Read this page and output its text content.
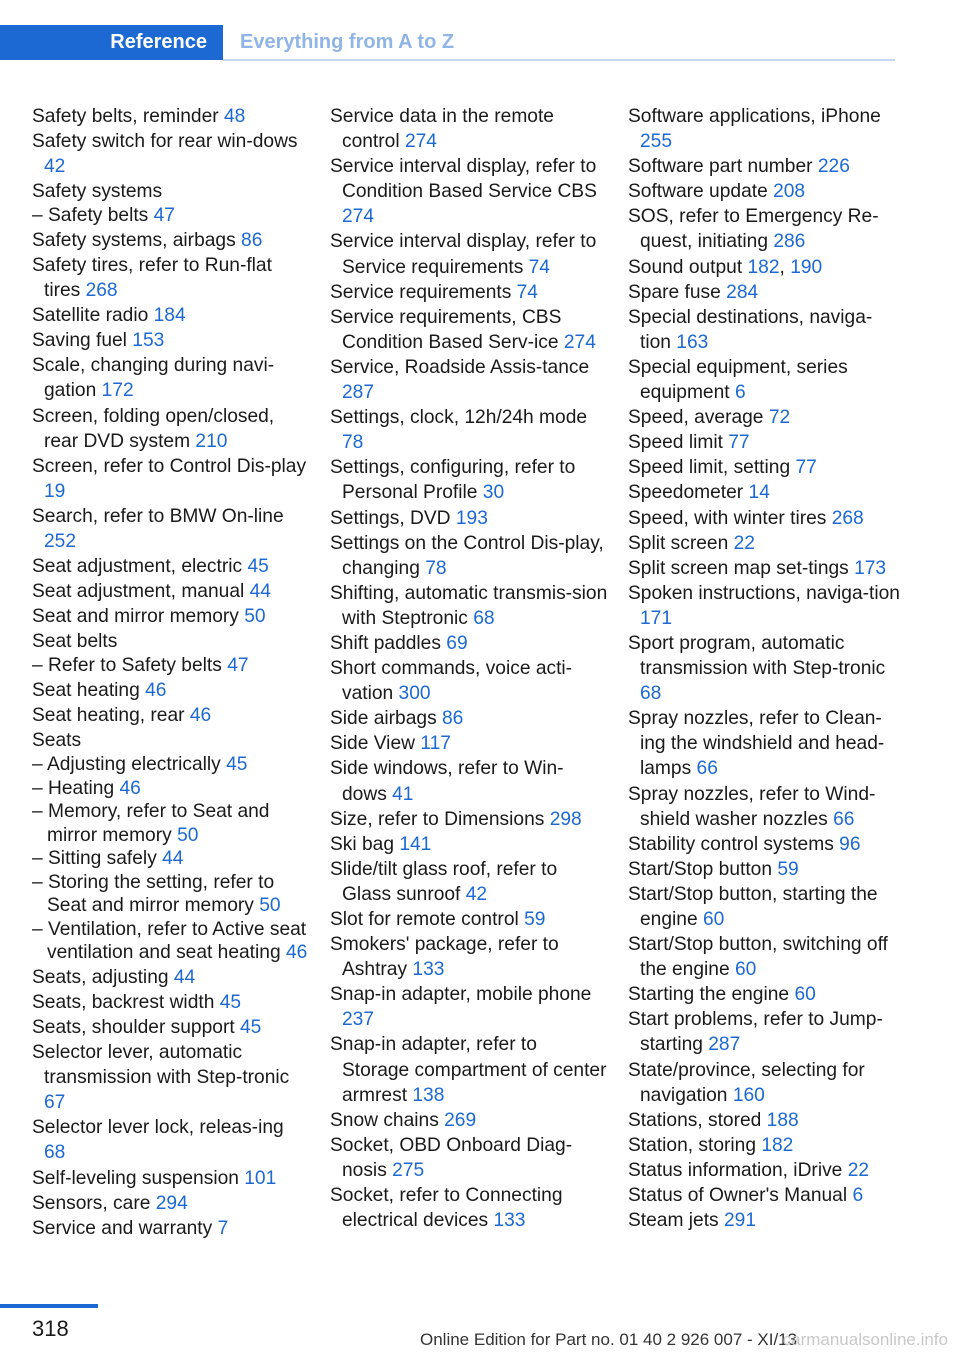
Reference	Everything from A to Z
Safety belts, reminder 48
Safety switch for rear win-dows 42
Safety systems
– Safety belts 47
Safety systems, airbags 86
Safety tires, refer to Run-flat tires 268
Satellite radio 184
Saving fuel 153
Scale, changing during navi-gation 172
Screen, folding open/closed, rear DVD system 210
Screen, refer to Control Dis-play 19
Search, refer to BMW On-line 252
Seat adjustment, electric 45
Seat adjustment, manual 44
Seat and mirror memory 50
Seat belts
– Refer to Safety belts 47
Seat heating 46
Seat heating, rear 46
Seats
– Adjusting electrically 45
– Heating 46
– Memory, refer to Seat and mirror memory 50
– Sitting safely 44
– Storing the setting, refer to Seat and mirror memory 50
– Ventilation, refer to Active seat ventilation and seat heating 46
Seats, adjusting 44
Seats, backrest width 45
Seats, shoulder support 45
Selector lever, automatic transmission with Step-tronic 67
Selector lever lock, releas-ing 68
Self-leveling suspension 101
Sensors, care 294
Service and warranty 7
Service data in the remote control 274
Service interval display, refer to Condition Based Service CBS 274
Service interval display, refer to Service requirements 74
Service requirements 74
Service requirements, CBS Condition Based Serv-ice 274
Service, Roadside Assis-tance 287
Settings, clock, 12h/24h mode 78
Settings, configuring, refer to Personal Profile 30
Settings, DVD 193
Settings on the Control Dis-play, changing 78
Shifting, automatic transmis-sion with Steptronic 68
Shift paddles 69
Short commands, voice acti-vation 300
Side airbags 86
Side View 117
Side windows, refer to Win-dows 41
Size, refer to Dimensions 298
Ski bag 141
Slide/tilt glass roof, refer to Glass sunroof 42
Slot for remote control 59
Smokers' package, refer to Ashtray 133
Snap-in adapter, mobile phone 237
Snap-in adapter, refer to Storage compartment of center armrest 138
Snow chains 269
Socket, OBD Onboard Diag-nosis 275
Socket, refer to Connecting electrical devices 133
Software applications, iPhone 255
Software part number 226
Software update 208
SOS, refer to Emergency Re-quest, initiating 286
Sound output 182, 190
Spare fuse 284
Special destinations, naviga-tion 163
Special equipment, series equipment 6
Speed, average 72
Speed limit 77
Speed limit, setting 77
Speedometer 14
Speed, with winter tires 268
Split screen 22
Split screen map set-tings 173
Spoken instructions, naviga-tion 171
Sport program, automatic transmission with Step-tronic 68
Spray nozzles, refer to Clean-ing the windshield and head-lamps 66
Spray nozzles, refer to Wind-shield washer nozzles 66
Stability control systems 96
Start/Stop button 59
Start/Stop button, starting the engine 60
Start/Stop button, switching off the engine 60
Starting the engine 60
Start problems, refer to Jump-starting 287
State/province, selecting for navigation 160
Stations, stored 188
Station, storing 182
Status information, iDrive 22
Status of Owner's Manual 6
Steam jets 291
318	Online Edition for Part no. 01 40 2 926 007 - XI/13
carmanualsonline.info
